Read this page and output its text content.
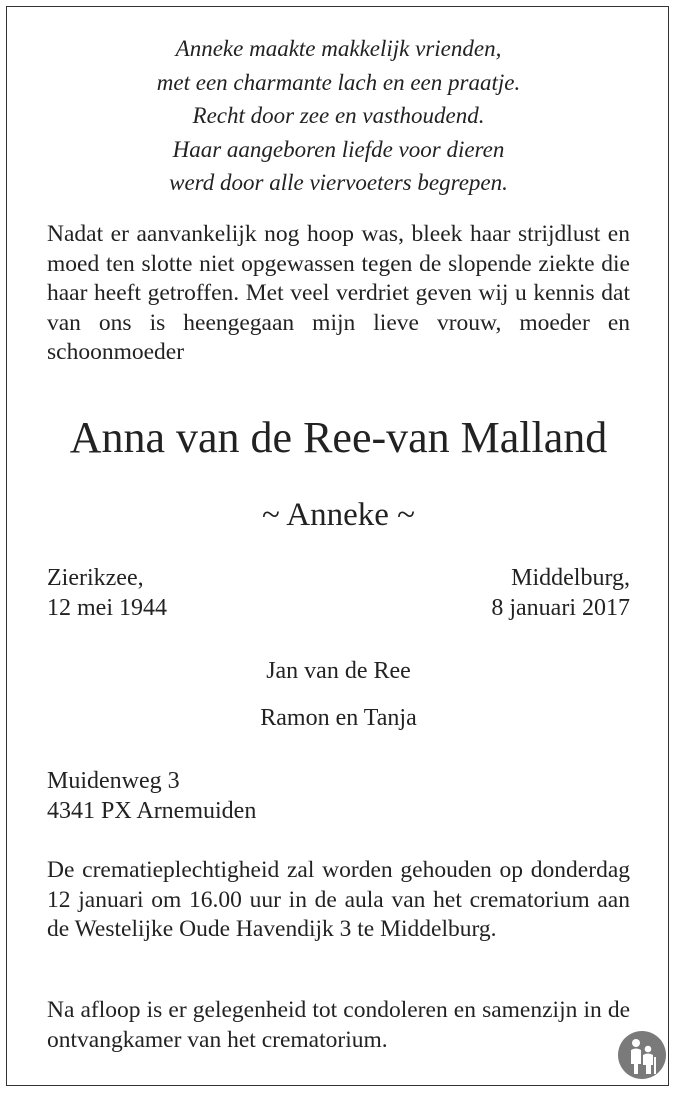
Anneke maakte makkelijk vrienden,
met een charmante lach en een praatje.
Recht door zee en vasthoudend.
Haar aangeboren liefde voor dieren
werd door alle viervoeters begrepen.
Nadat er aanvankelijk nog hoop was, bleek haar strijdlust en moed ten slotte niet opgewassen tegen de slopende ziekte die haar heeft getroffen. Met veel verdriet geven wij u kennis dat van ons is heengegaan mijn lieve vrouw, moeder en schoonmoeder
Anna van de Ree-van Malland
~ Anneke ~
Zierikzee,
12 mei 1944
Middelburg,
8 januari 2017
Jan van de Ree
Ramon en Tanja
Muidenweg 3
4341 PX Arnemuiden
De crematieplechtigheid zal worden gehouden op donderdag 12 januari om 16.00 uur in de aula van het crematorium aan de Westelijke Oude Havendijk 3 te Middelburg.
Na afloop is er gelegenheid tot condoleren en samenzijn in de ontvangkamer van het crematorium.
